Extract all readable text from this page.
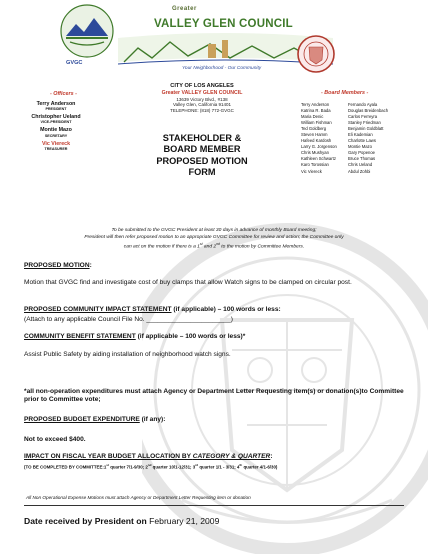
GVGC
Greater
VALLEY GLEN COUNCIL
Your Neighborhood - Our Community
- Officers -
Terry Anderson
PRESIDENT
Christopher Ueland
VICE-PRESIDENT
Montie Mazo
SECRETARY
Vic Viereck
TREASURER
CITY OF LOS ANGELES
Greater VALLEY GLEN COUNCIL
13639 Victory Blvd., #138
Valley Glen, California 91401
TELEPHONE: (818) 772-GVGC
STAKEHOLDER &
BOARD MEMBER
PROPOSED MOTION
FORM
- Board Members -
Terry Anderson	Fernando Ayala
Katrina R. Bada	Douglas Breidenbach
Maria Denic	Carlos Ferreyra
William Fishman	Stanley Friedman
Ted Goldberg	Benjamin Goldblatt
Steven Hamm	Eli Kademian
Hafeed Kardosh	Charlotte Laws
Larry G. Jorgenson	Montie Mazo
Chris Mushyan	Gary Popenoe
Kathleen Schwartz	Bruce Thomas
Karo Torossian	Chris Ueland
Vic Viereck	Abdul Zohbi
To be submitted to the GVGC President at least 30 days in advance of monthly Board meeting;
President will then refer proposed motion to an appropriate GVGC Committee for review and action; the Committee only
can act on the motion if there is a 1st and 2nd to the motion by Committee Members.
PROPOSED MOTION:
Motion that GVGC find and investigate cost of buy clamps that allow Watch signs to be clamped on circular post.
PROPOSED COMMUNITY IMPACT STATEMENT (if applicable) – 100 words or less:
(Attach to any applicable Council File No. _______________________)
COMMUNITY BENEFIT STATEMENT (if applicable – 100 words or less)*
Assist Public Safety by aiding installation of neighborhood watch signs.
*all non-operation expenditures must attach Agency or Department Letter Requesting item(s) or donation(s)to Committee prior to Committee vote;
PROPOSED BUDGET EXPENDITURE (if any):
Not to exceed $400.
IMPACT ON FISCAL YEAR BUDGET ALLOCATION BY CATEGORY & QUARTER:
(TO BE COMPLETED BY COMMITTEE:1st quarter 7/1-9/30; 2nd quarter 10/1-12/31; 3rd quarter 1/1 - 3/31; 4th quarter 4/1-6/30)
All Non Operational Expense Motions must attach Agency or Department Letter Requesting item or donation
Date received by President on February 21, 2009
